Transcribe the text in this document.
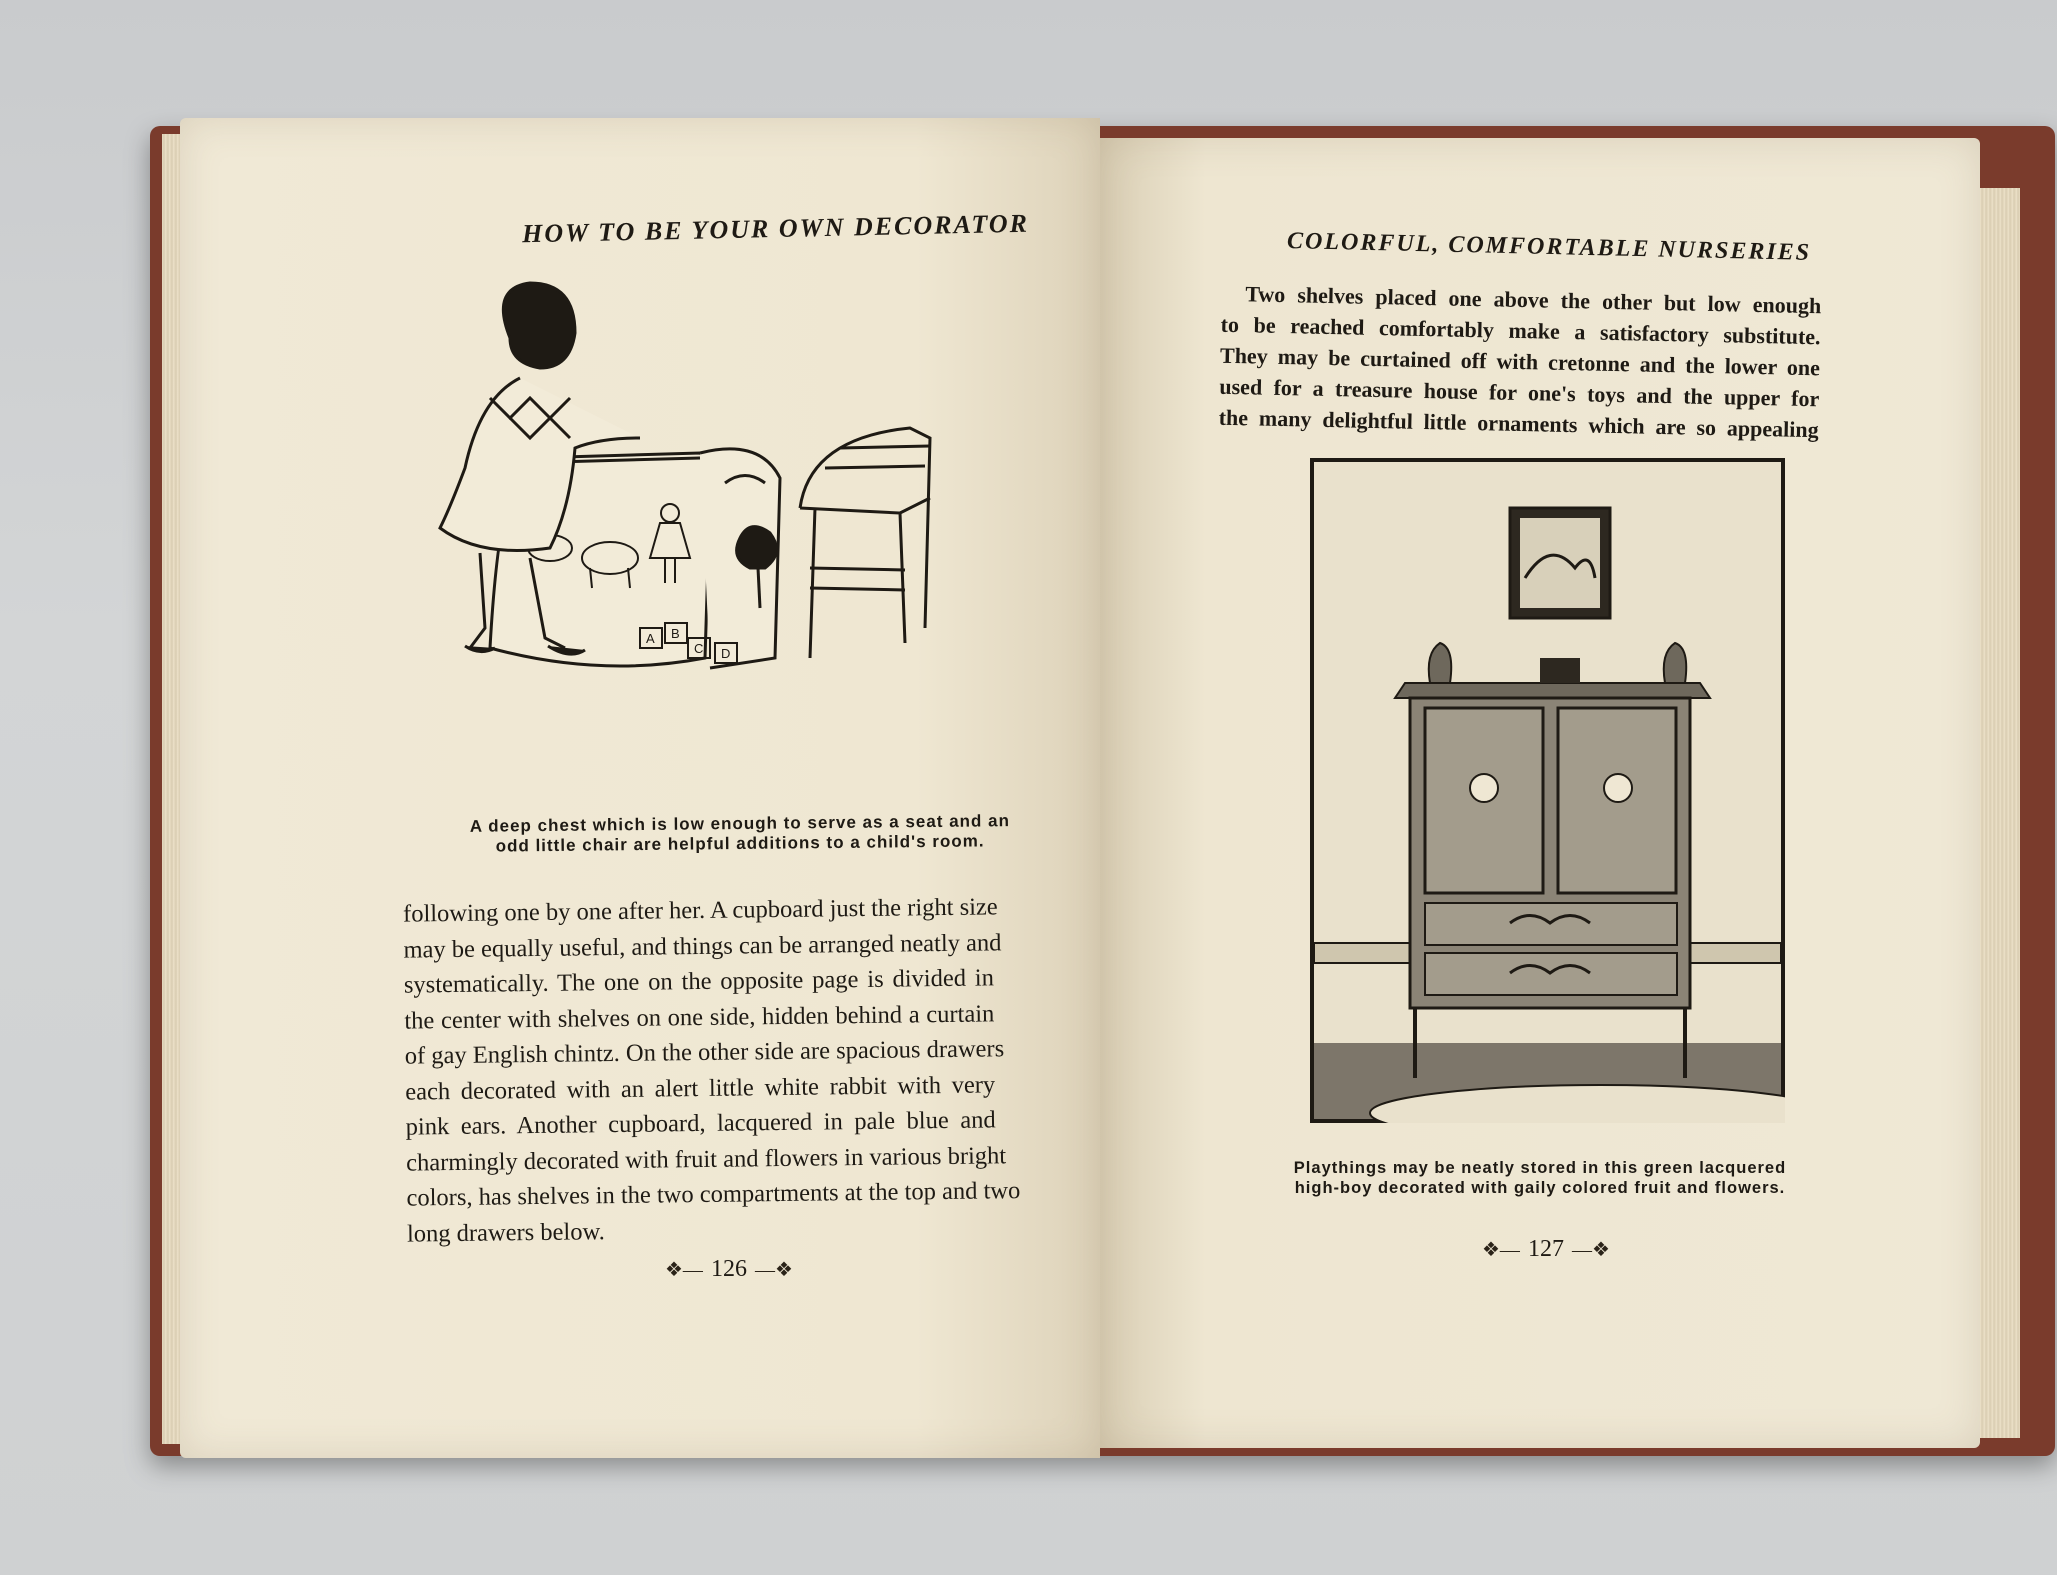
HOW TO BE YOUR OWN DECORATOR
A B
C D
A deep chest which is low enough to serve as a seat and an
odd little chair are helpful additions to a child's room.
following one by one after her. A cupboard just the right size
may be equally useful, and things can be arranged neatly and
systematically. The one on the opposite page is divided in
the center with shelves on one side, hidden behind a curtain
of gay English chintz. On the other side are spacious drawers
each decorated with an alert little white rabbit with very
pink ears. Another cupboard, lacquered in pale blue and
charmingly decorated with fruit and flowers in various bright
colors, has shelves in the two compartments at the top and two
long drawers below.
❖— 126 —❖
COLORFUL, COMFORTABLE NURSERIES
Two shelves placed one above the other but low enough
to be reached comfortably make a satisfactory substitute.
They may be curtained off with cretonne and the lower one
used for a treasure house for one's toys and the upper for
the many delightful little ornaments which are so appealing
Playthings may be neatly stored in this green lacquered
high-boy decorated with gaily colored fruit and flowers.
❖— 127 —❖
